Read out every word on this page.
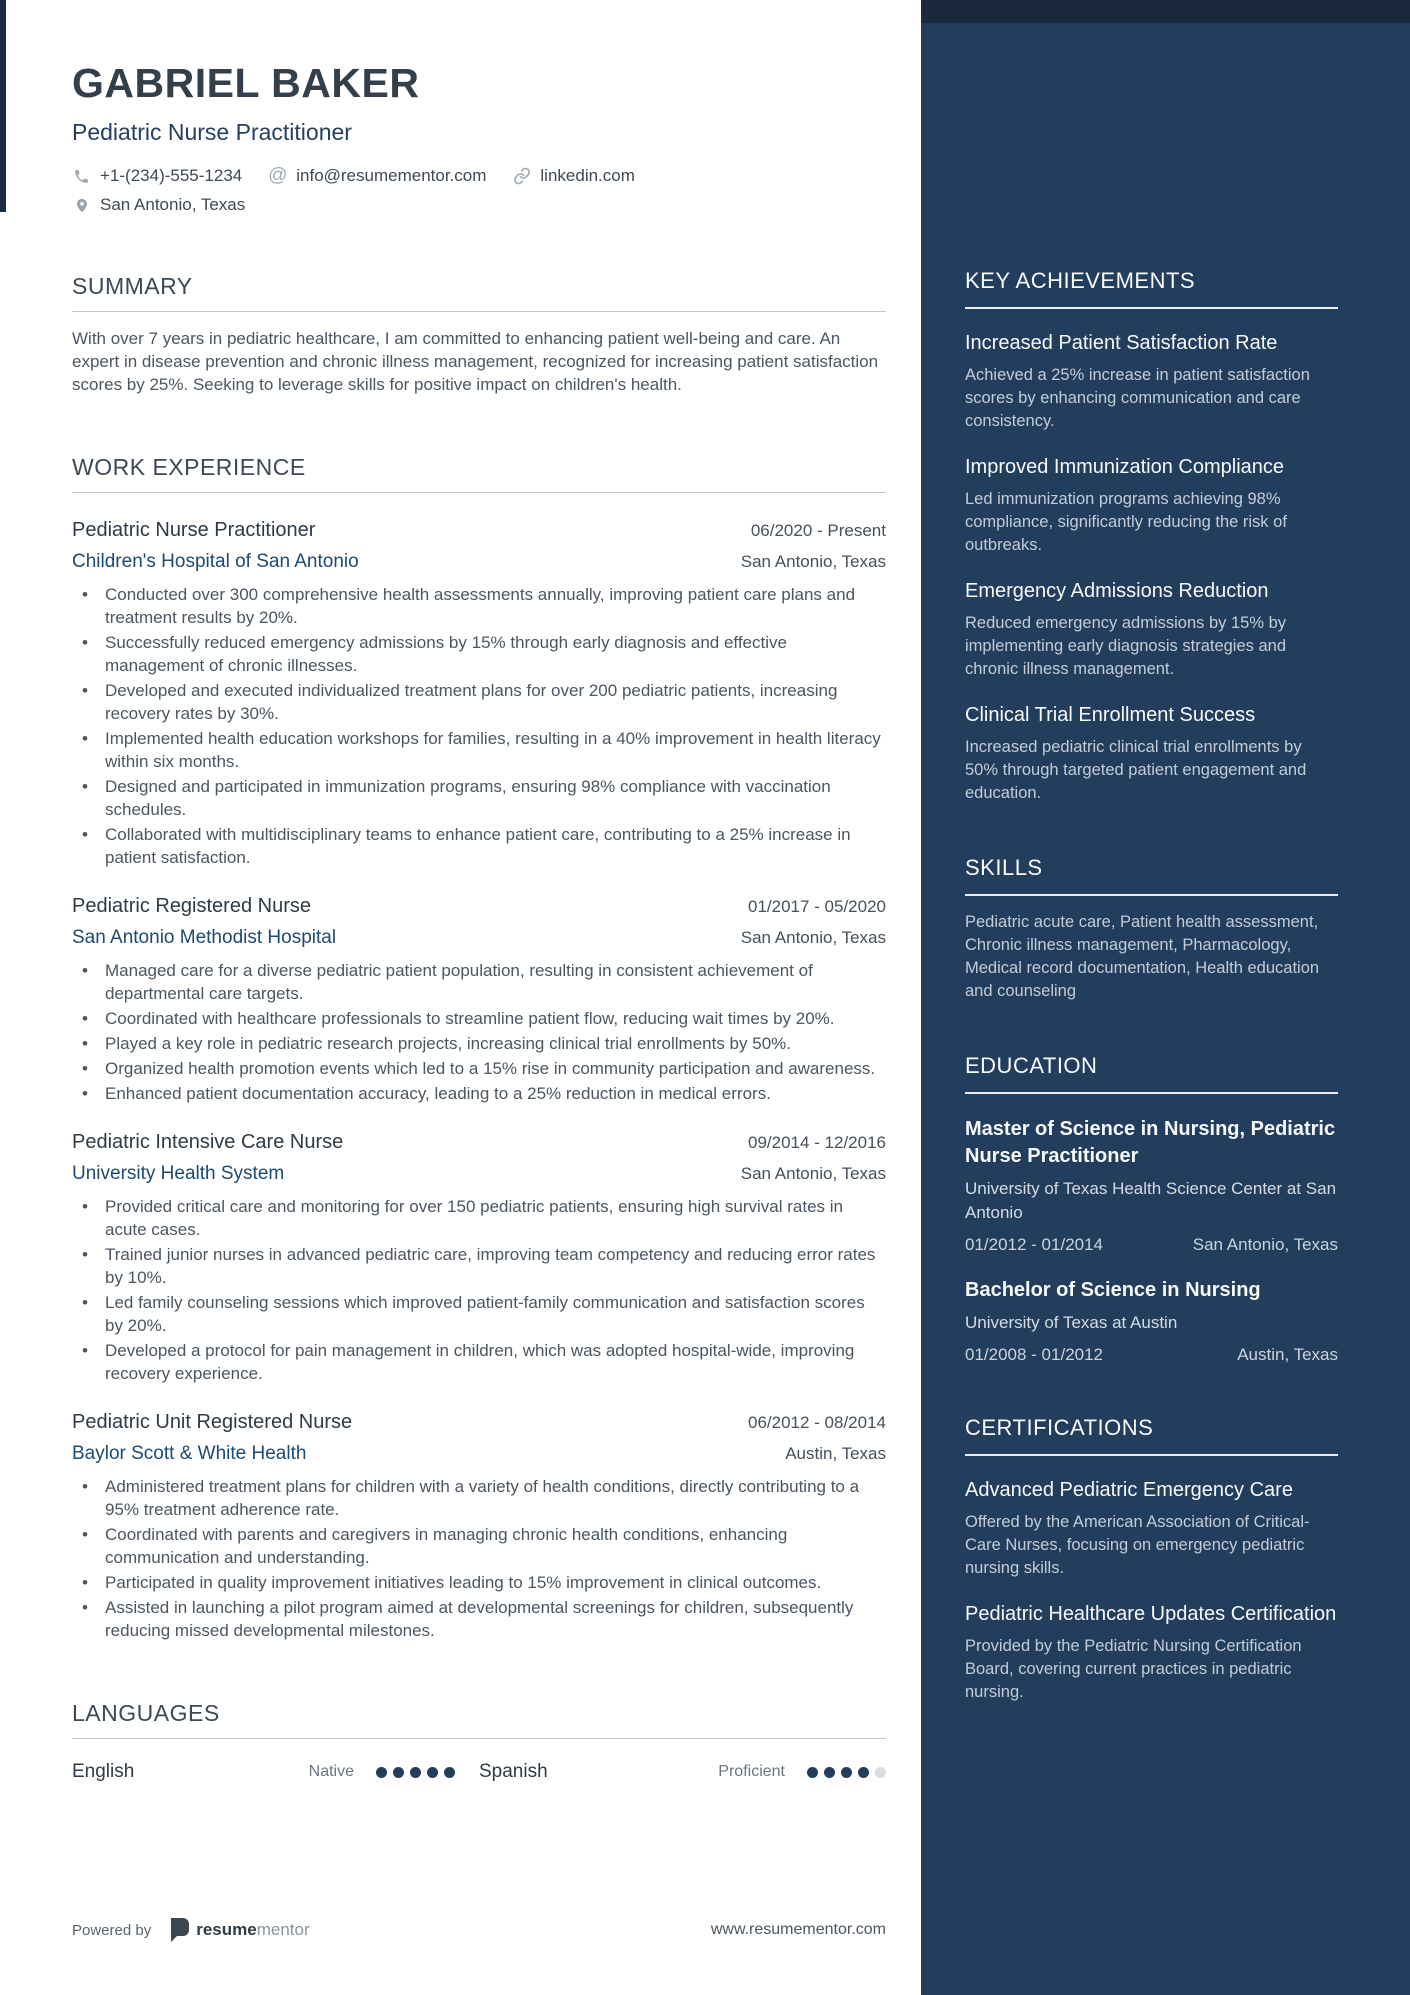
GABRIEL BAKER
Pediatric Nurse Practitioner
+1-(234)-555-1234 @ info@resumementor.com	linkedin.com
San Antonio, Texas
SUMMARY

With over 7 years in pediatric healthcare, I am committed to enhancing patient well-being and care. An expert in disease prevention and chronic illness management, recognized for increasing patient satisfaction scores by 25%. Seeking to leverage skills for positive impact on children's health.

WORK EXPERIENCE
Pediatric Nurse Practitioner	06/2020 - Present
Children's Hospital of San Antonio	San Antonio, Texas
• Conducted over 300 comprehensive health assessments annually, improving patient care plans and treatment results by 20%.
• Successfully reduced emergency admissions by 15% through early diagnosis and effective management of chronic illnesses.
• Developed and executed individualized treatment plans for over 200 pediatric patients, increasing recovery rates by 30%.
• Implemented health education workshops for families, resulting in a 40% improvement in health literacy within six months.
• Designed and participated in immunization programs, ensuring 98% compliance with vaccination schedules.
• Collaborated with multidisciplinary teams to enhance patient care, contributing to a 25% increase in patient satisfaction.
Pediatric Registered Nurse	01/2017 - 05/2020
San Antonio Methodist Hospital	San Antonio, Texas
• Managed care for a diverse pediatric patient population, resulting in consistent achievement of departmental care targets.
• Coordinated with healthcare professionals to streamline patient flow, reducing wait times by 20%.
• Played a key role in pediatric research projects, increasing clinical trial enrollments by 50%.
• Organized health promotion events which led to a 15% rise in community participation and awareness.
• Enhanced patient documentation accuracy, leading to a 25% reduction in medical errors.
Pediatric Intensive Care Nurse	09/2014 - 12/2016
University Health System	San Antonio, Texas
• Provided critical care and monitoring for over 150 pediatric patients, ensuring high survival rates in acute cases.
• Trained junior nurses in advanced pediatric care, improving team competency and reducing error rates by 10%.
• Led family counseling sessions which improved patient-family communication and satisfaction scores by 20%.
• Developed a protocol for pain management in children, which was adopted hospital-wide, improving recovery experience.
Pediatric Unit Registered Nurse	06/2012 - 08/2014
Baylor Scott & White Health	Austin, Texas
• Administered treatment plans for children with a variety of health conditions, directly contributing to a 95% treatment adherence rate.
• Coordinated with parents and caregivers in managing chronic health conditions, enhancing communication and understanding.
• Participated in quality improvement initiatives leading to 15% improvement in clinical outcomes.
• Assisted in launching a pilot program aimed at developmental screenings for children, subsequently reducing missed developmental milestones.
LANGUAGES
English	Native	Spanish	Proficient
KEY ACHIEVEMENTS
Increased Patient Satisfaction Rate
Achieved a 25% increase in patient satisfaction scores by enhancing communication and care consistency.
Improved Immunization Compliance
Led immunization programs achieving 98% compliance, significantly reducing the risk of outbreaks.
Emergency Admissions Reduction
Reduced emergency admissions by 15% by implementing early diagnosis strategies and chronic illness management.
Clinical Trial Enrollment Success
Increased pediatric clinical trial enrollments by 50% through targeted patient engagement and education.
SKILLS

Pediatric acute care, Patient health assessment, Chronic illness management, Pharmacology, Medical record documentation, Health education and counseling

EDUCATION
Master of Science in Nursing, Pediatric Nurse Practitioner
University of Texas Health Science Center at San Antonio
01/2012 - 01/2014	San Antonio, Texas
Bachelor of Science in Nursing
University of Texas at Austin
01/2008 - 01/2012	Austin, Texas
CERTIFICATIONS
Advanced Pediatric Emergency Care
Offered by the American Association of Critical-Care Nurses, focusing on emergency pediatric nursing skills.
Pediatric Healthcare Updates Certification
Provided by the Pediatric Nursing Certification Board, covering current practices in pediatric nursing.
Powered by	resumementor	www.resumementor.com
